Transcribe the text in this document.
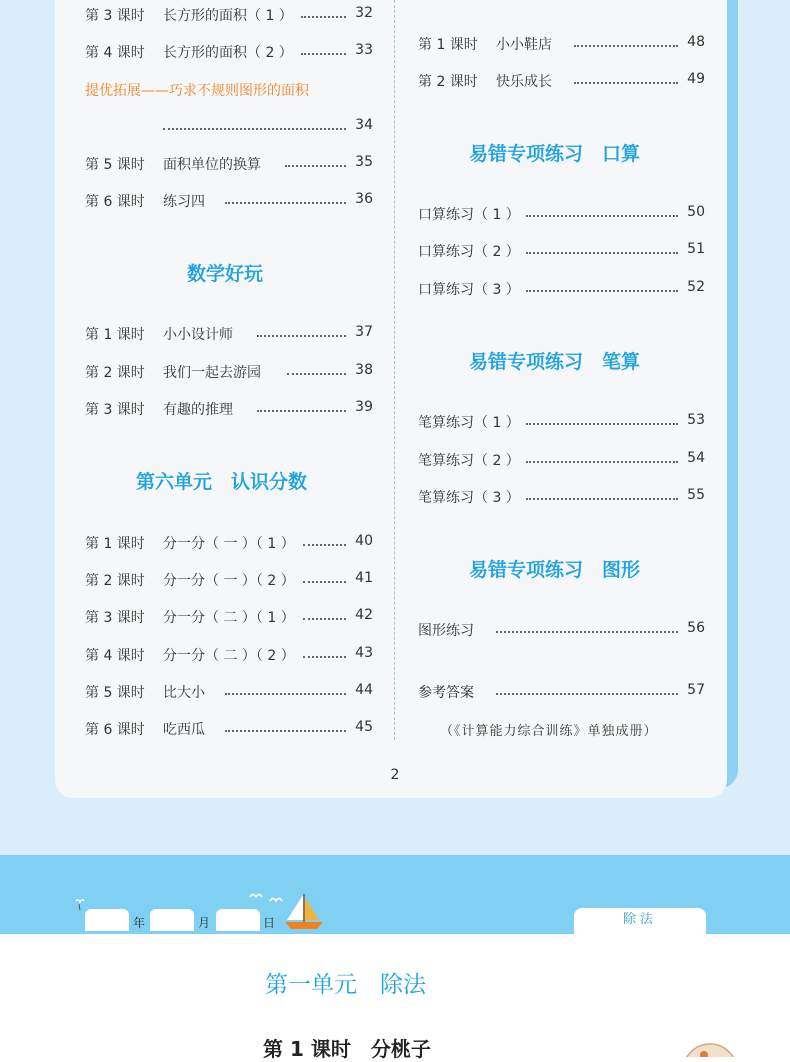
第 3 课时 长方形的面积（ 1 ）	32
第 4 课时 长方形的面积（ 2 ）	33
提优拓展——巧求不规则图形的面积
34
第 5 课时 面积单位的换算	35
第 6 课时 练习四	36
数学好玩
第 1 课时 小小设计师	37
第 2 课时 我们一起去游园	38
第 3 课时 有趣的推理	39
第六单元　认识分数
第 1 课时 分一分（ 一 ）（ 1 ）	40
第 2 课时 分一分（ 一 ）（ 2 ）	41
第 3 课时 分一分（ 二 ）（ 1 ）	42
第 4 课时 分一分（ 二 ）（ 2 ）	43
第 5 课时 比大小	44
第 6 课时 吃西瓜	45
第 1 课时 小小鞋店	48
第 2 课时 快乐成长	49
易错专项练习　口算
口算练习（ 1 ）	50
口算练习（ 2 ）	51
口算练习（ 3 ）	52
易错专项练习　笔算
笔算练习（ 1 ）	53
笔算练习（ 2 ）	54
笔算练习（ 3 ）	55
易错专项练习　图形
图形练习	56
参考答案	57
（《计算能力综合训练》单独成册）
2
年	月	日	除法
第一单元　除法
第 1 课时　分桃子
